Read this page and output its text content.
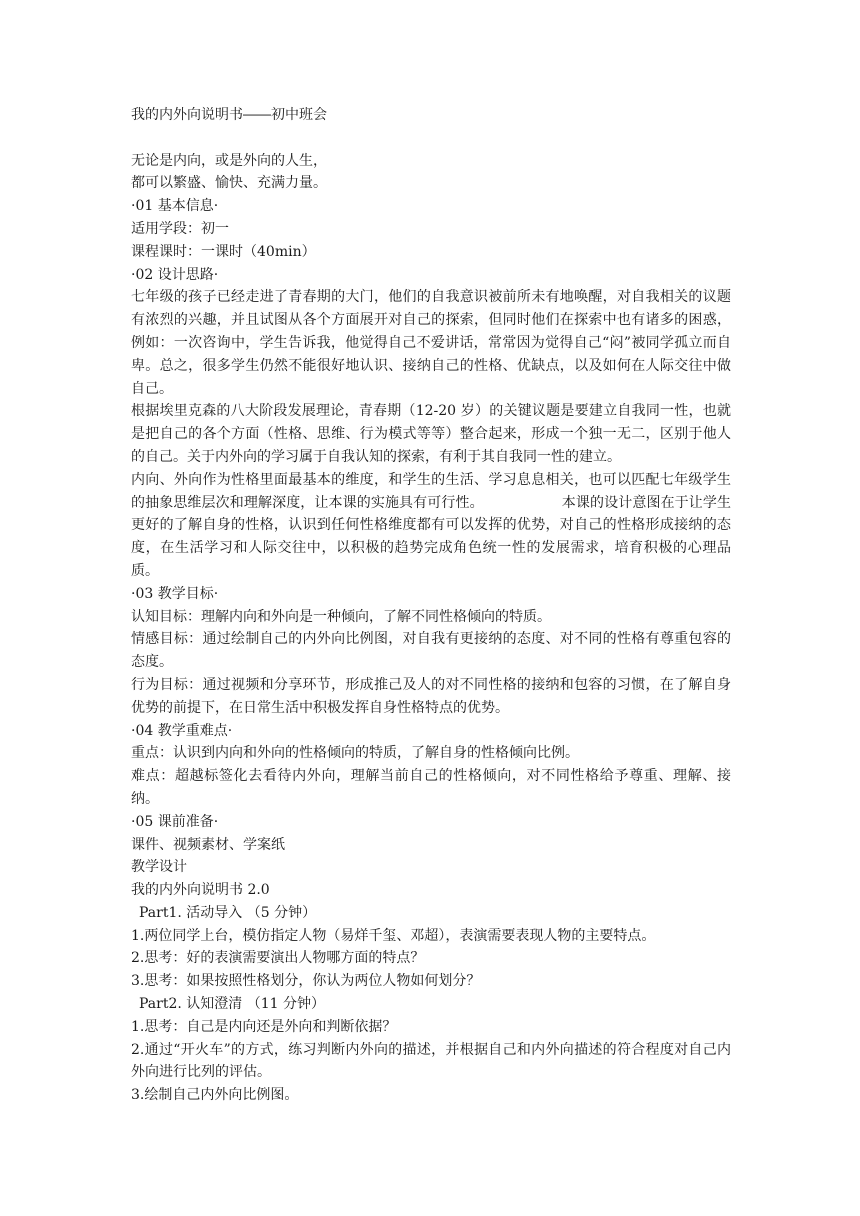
我的内外向说明书――初中班会

无论是内向，或是外向的人生，

都可以繁盛、愉快、充满力量。

·01 基本信息·

适用学段：初一

课程课时：一课时（40min）

·02 设计思路·

七年级的孩子已经走进了青春期的大门，他们的自我意识被前所未有地唤醒，对自我相关的议题有浓烈的兴趣，并且试图从各个方面展开对自己的探索，但同时他们在探索中也有诸多的困惑，例如：一次咨询中，学生告诉我，他觉得自己不爱讲话，常常因为觉得自己“闷”被同学孤立而自卑。总之，很多学生仍然不能很好地认识、接纳自己的性格、优缺点，以及如何在人际交往中做自己。

根据埃里克森的八大阶段发展理论，青春期（12-20 岁）的关键议题是要建立自我同一性，也就是把自己的各个方面（性格、思维、行为模式等等）整合起来，形成一个独一无二，区别于他人的自己。关于内外向的学习属于自我认知的探索，有利于其自我同一性的建立。

内向、外向作为性格里面最基本的维度，和学生的生活、学习息息相关，也可以匹配七年级学生的抽象思维层次和理解深度，让本课的实施具有可行性。	本课的设计意图在于让学生更好的了解自身的性格，认识到任何性格维度都有可以发挥的优势，对自己的性格形成接纳的态度，在生活学习和人际交往中，以积极的趋势完成角色统一性的发展需求，培育积极的心理品质。

·03 教学目标·

认知目标：理解内向和外向是一种倾向，了解不同性格倾向的特质。

情感目标：通过绘制自己的内外向比例图，对自我有更接纳的态度、对不同的性格有尊重包容的态度。

行为目标：通过视频和分享环节，形成推己及人的对不同性格的接纳和包容的习惯，在了解自身优势的前提下，在日常生活中积极发挥自身性格特点的优势。

·04 教学重难点·

重点：认识到内向和外向的性格倾向的特质，了解自身的性格倾向比例。

难点：超越标签化去看待内外向，理解当前自己的性格倾向，对不同性格给予尊重、理解、接纳。

·05 课前准备·

课件、视频素材、学案纸

教学设计

我的内外向说明书 2.0

Part1. 活动导入 （5 分钟）

1.两位同学上台，模仿指定人物（易烊千玺、邓超），表演需要表现人物的主要特点。

2.思考：好的表演需要演出人物哪方面的特点？

3.思考：如果按照性格划分，你认为两位人物如何划分？

Part2. 认知澄清 （11 分钟）

1.思考：自己是内向还是外向和判断依据？

2.通过“开火车”的方式，练习判断内外向的描述，并根据自己和内外向描述的符合程度对自己内外向进行比列的评估。

3.绘制自己内外向比例图。
